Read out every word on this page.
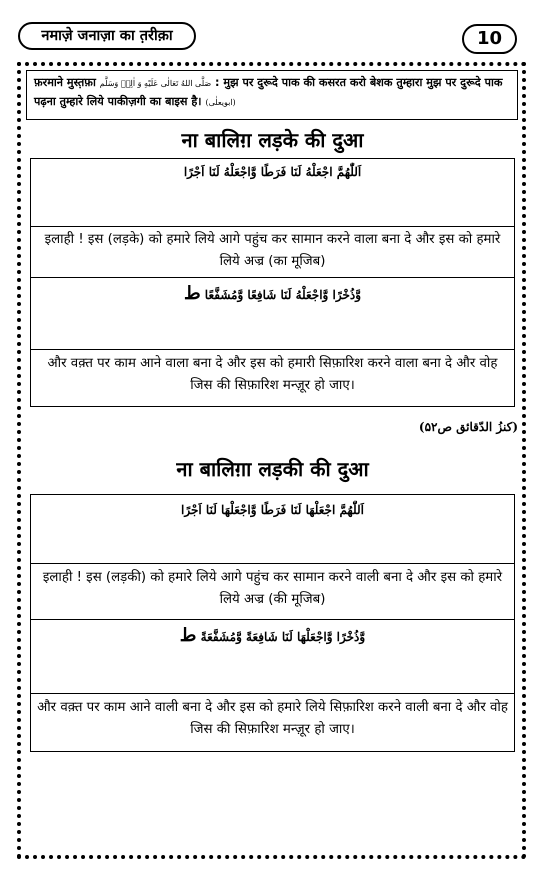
नमाज़े जनाज़ा का त़रीक़ा	10
फ़रमाने मुस्त़फ़ा صَلَّى اللهُ تَعَالٰى عَلَيْهِ وَ اٰلِهٖ وَسَلَّم : मुझ पर दुरूदे पाक की कसरत करो बेशक तुम्हारा मुझ पर दुरूदे पाक पढ़ना तुम्हारे लिये पाकीज़गी का बाइस है। (ابویعلٰی)
ना बालिग़ लड़के की दुआ
اَللّٰهُمَّ اجْعَلْهُ لَنَا فَرَطًا وَّاجْعَلْهُ لَنَا اَجْرًا
इलाही ! इस (लड़के) को हमारे लिये आगे पहुंच कर सामान करने वाला बना दे और इस को हमारे लिये अज्र (का मूजिब)
وَّذُخْرًا وَّاجْعَلْهُ لَنَا شَافِعًا وَّمُشَفَّعًا ط
और वक़्त पर काम आने वाला बना दे और इस को हमारी सिफ़ारिश करने वाला बना दे और वोह जिस की सिफ़ारिश मन्ज़ूर हो जाए।
(كنزُ الدّقائق ص۵۲)
ना बालिग़ा लड़की की दुआ
اَللّٰهُمَّ اجْعَلْهَا لَنَا فَرَطًا وَّاجْعَلْهَا لَنَا اَجْرًا
इलाही ! इस (लड़की) को हमारे लिये आगे पहुंच कर सामान करने वाली बना दे और इस को हमारे लिये अज्र (की मूजिब)
وَّذُخْرًا وَّاجْعَلْهَا لَنَا شَافِعَةً وَّمُشَفَّعَةً ط
और वक़्त पर काम आने वाली बना दे और इस को हमारे लिये सिफ़ारिश करने वाली बना दे और वोह जिस की सिफ़ारिश मन्ज़ूर हो जाए।
